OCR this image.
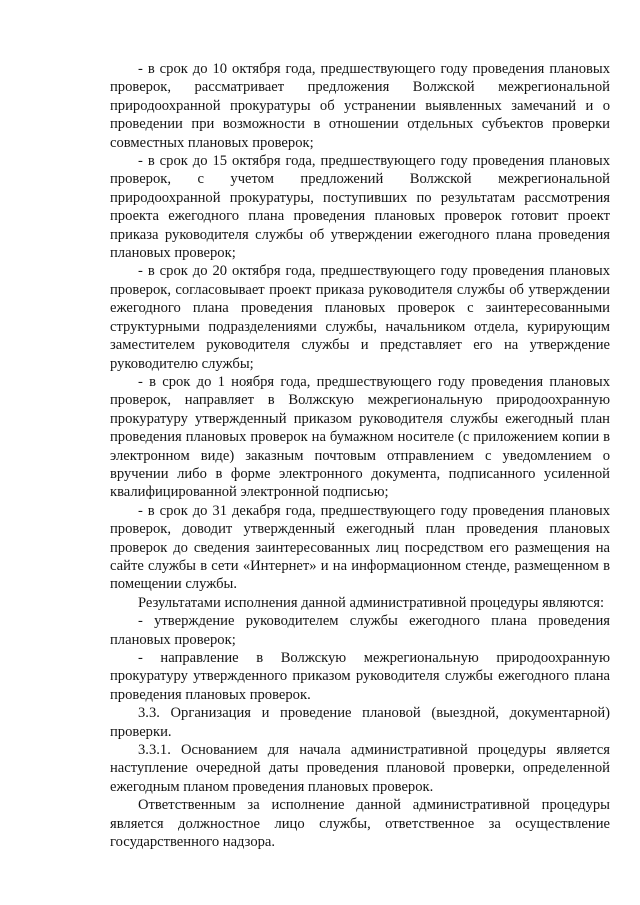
- в срок до 10 октября года, предшествующего году проведения плановых проверок, рассматривает предложения Волжской межрегиональной природоохранной прокуратуры об устранении выявленных замечаний и о проведении при возможности в отношении отдельных субъектов проверки совместных плановых проверок;

- в срок до 15 октября года, предшествующего году проведения плановых проверок, с учетом предложений Волжской межрегиональной природоохранной прокуратуры, поступивших по результатам рассмотрения проекта ежегодного плана проведения плановых проверок готовит проект приказа руководителя службы об утверждении ежегодного плана проведения плановых проверок;

- в срок до 20 октября года, предшествующего году проведения плановых проверок, согласовывает проект приказа руководителя службы об утверждении ежегодного плана проведения плановых проверок с заинтересованными структурными подразделениями службы, начальником отдела, курирующим заместителем руководителя службы и представляет его на утверждение руководителю службы;

- в срок до 1 ноября года, предшествующего году проведения плановых проверок, направляет в Волжскую межрегиональную природоохранную прокуратуру утвержденный приказом руководителя службы ежегодный план проведения плановых проверок на бумажном носителе (с приложением копии в электронном виде) заказным почтовым отправлением с уведомлением о вручении либо в форме электронного документа, подписанного усиленной квалифицированной электронной подписью;

- в срок до 31 декабря года, предшествующего году проведения плановых проверок, доводит утвержденный ежегодный план проведения плановых проверок до сведения заинтересованных лиц посредством его размещения на сайте службы в сети «Интернет» и на информационном стенде, размещенном в помещении службы.

Результатами исполнения данной административной процедуры являются:

- утверждение руководителем службы ежегодного плана проведения плановых проверок;

- направление в Волжскую межрегиональную природоохранную прокуратуру утвержденного приказом руководителя службы ежегодного плана проведения плановых проверок.

3.3. Организация и проведение плановой (выездной, документарной) проверки.

3.3.1. Основанием для начала административной процедуры является наступление очередной даты проведения плановой проверки, определенной ежегодным планом проведения плановых проверок.

Ответственным за исполнение данной административной процедуры является должностное лицо службы, ответственное за осуществление государственного надзора.
